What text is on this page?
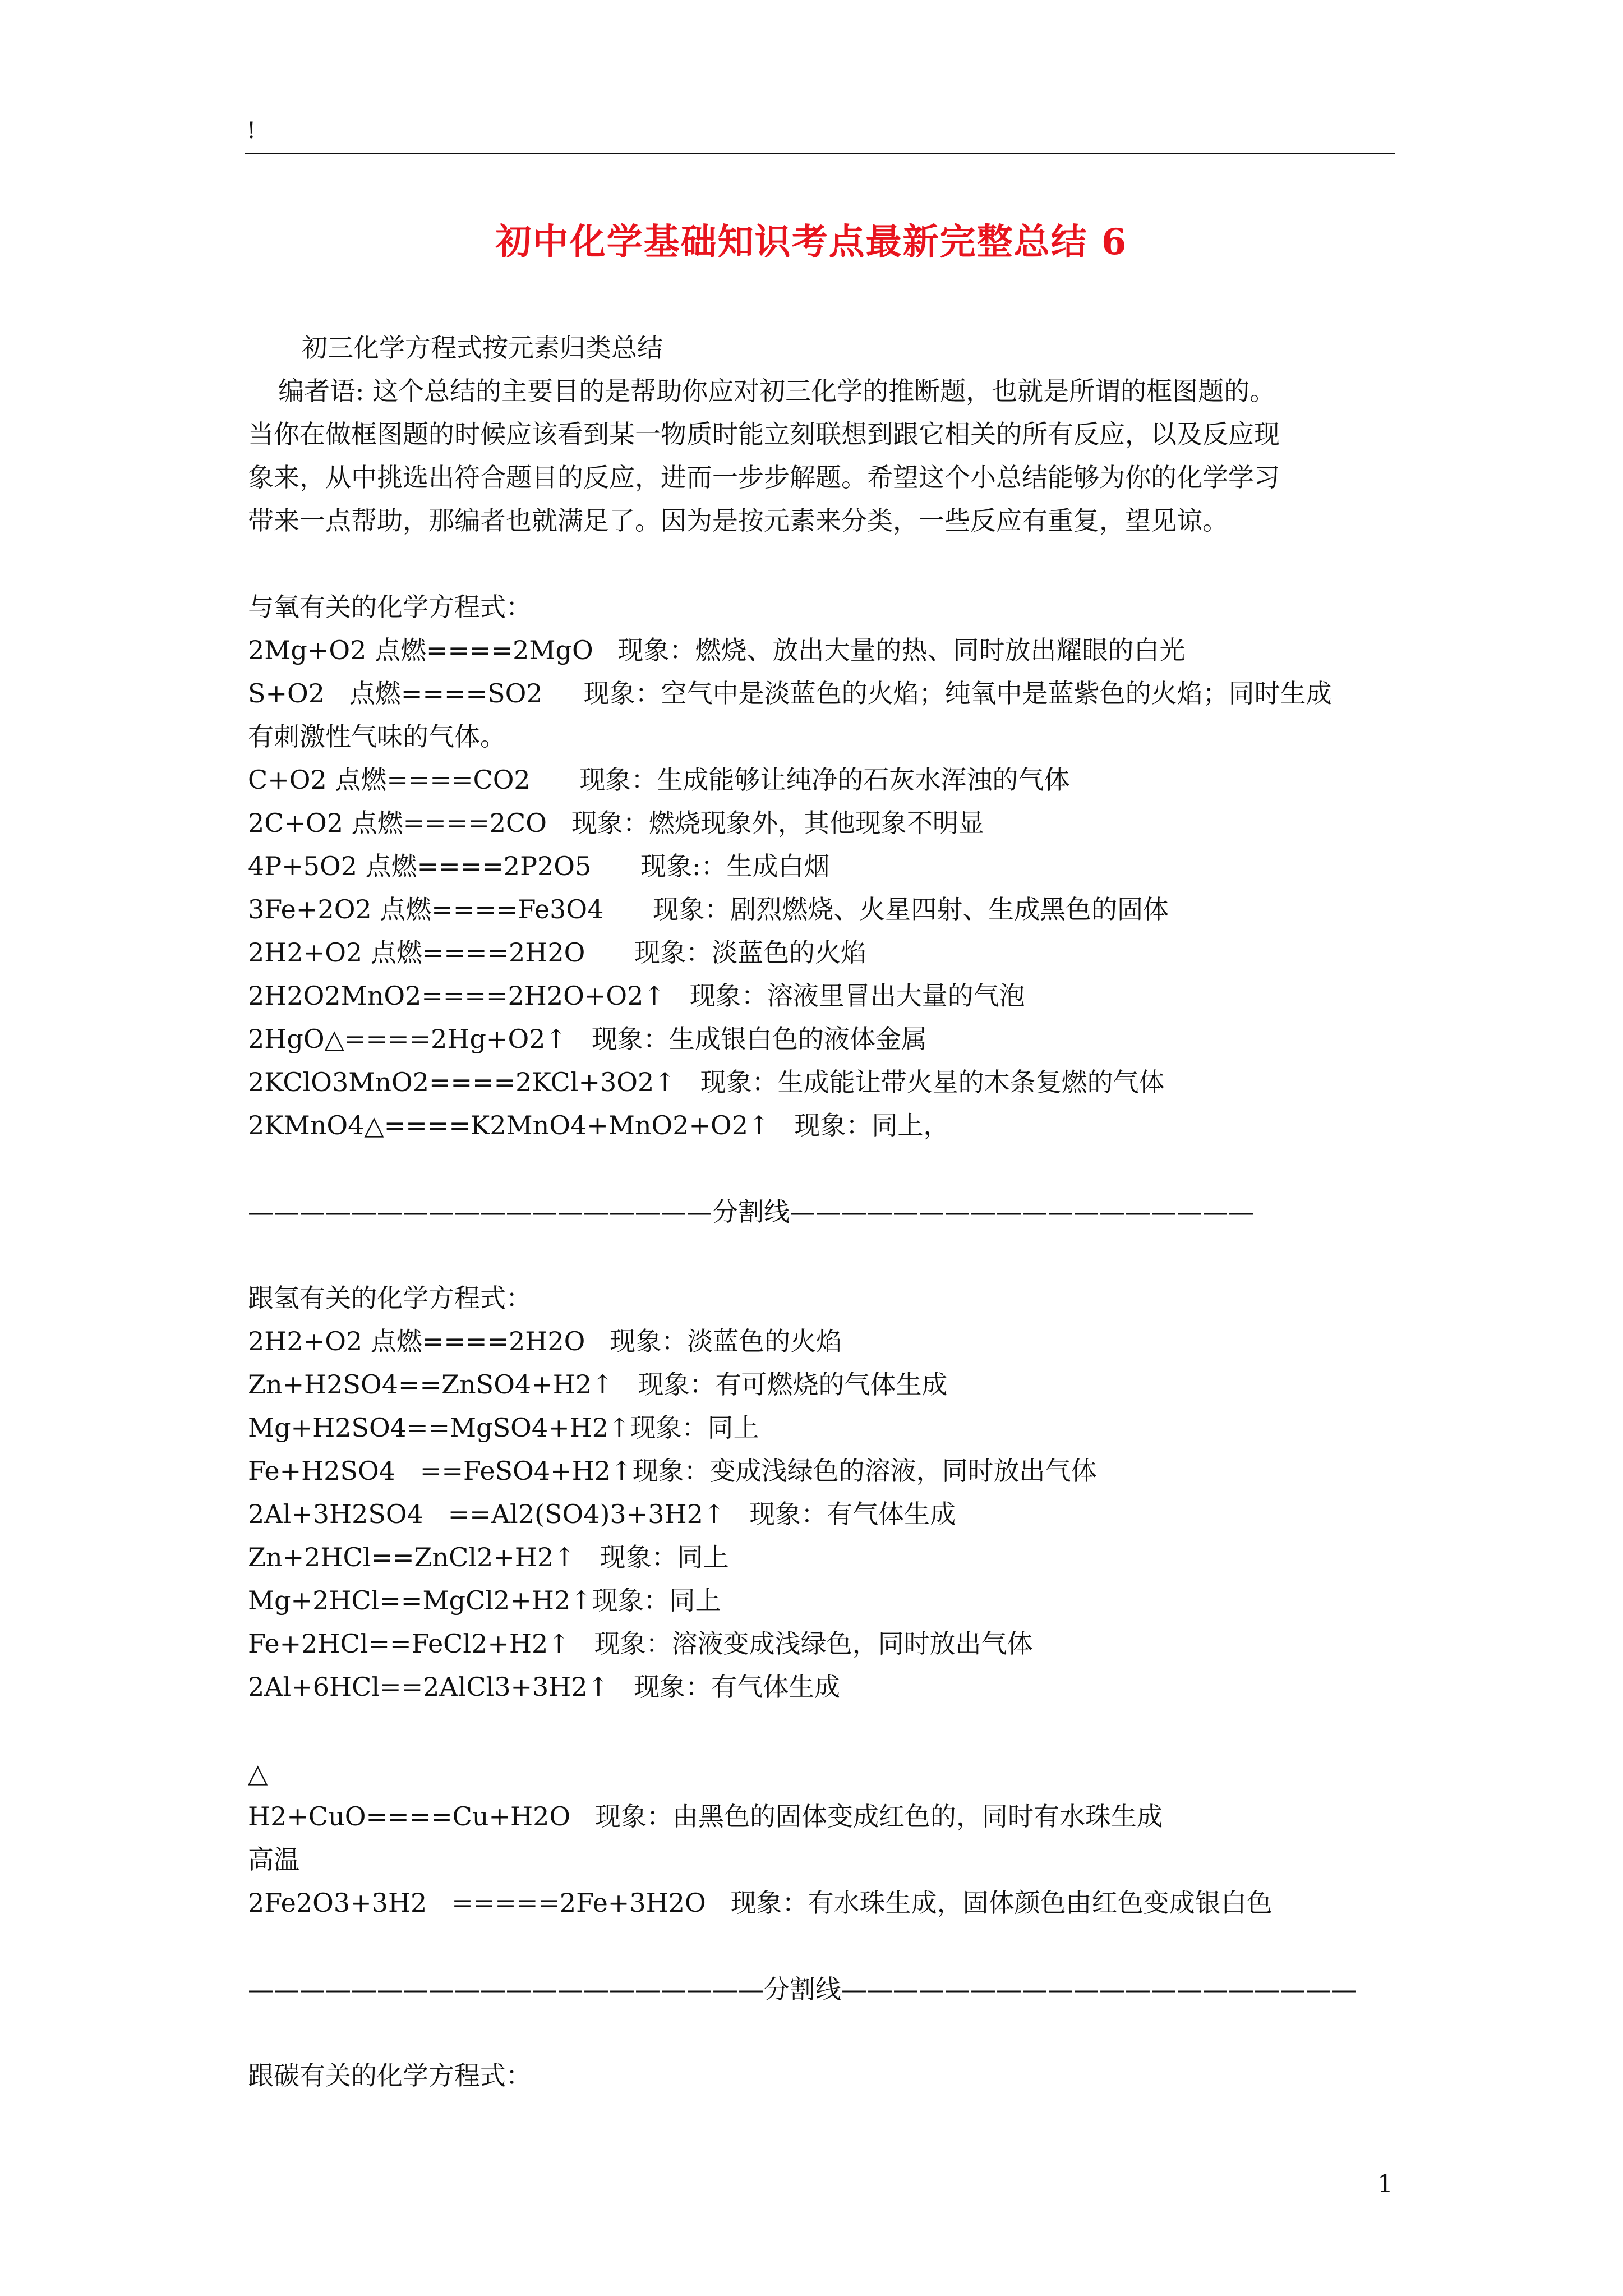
!
初中化学基础知识考点最新完整总结 6
初三化学方程式按元素归类总结
编者语: 这个总结的主要目的是帮助你应对初三化学的推断题，也就是所谓的框图题的。
当你在做框图题的时候应该看到某一物质时能立刻联想到跟它相关的所有反应，以及反应现
象来，从中挑选出符合题目的反应，进而一步步解题。希望这个小总结能够为你的化学学习
带来一点帮助，那编者也就满足了。因为是按元素来分类，一些反应有重复，望见谅。
与氧有关的化学方程式：
2Mg+O2 点燃====2MgO   现象：燃烧、放出大量的热、同时放出耀眼的白光
S+O2   点燃====SO2     现象：空气中是淡蓝色的火焰；纯氧中是蓝紫色的火焰；同时生成
有刺激性气味的气体。
C+O2 点燃====CO2      现象：生成能够让纯净的石灰水浑浊的气体
2C+O2 点燃====2CO   现象：燃烧现象外，其他现象不明显
4P+5O2 点燃====2P2O5      现象:：生成白烟
3Fe+2O2 点燃====Fe3O4      现象：剧烈燃烧、火星四射、生成黑色的固体
2H2+O2 点燃====2H2O      现象：淡蓝色的火焰
2H2O2MnO2====2H2O+O2↑   现象：溶液里冒出大量的气泡
2HgO△====2Hg+O2↑   现象：生成银白色的液体金属
2KClO3MnO2====2KCl+3O2↑   现象：生成能让带火星的木条复燃的气体
2KMnO4△====K2MnO4+MnO2+O2↑   现象：同上，
——————————————————分割线——————————————————
跟氢有关的化学方程式：
2H2+O2 点燃====2H2O   现象：淡蓝色的火焰
Zn+H2SO4==ZnSO4+H2↑   现象：有可燃烧的气体生成
Mg+H2SO4==MgSO4+H2↑现象：同上
Fe+H2SO4   ==FeSO4+H2↑现象：变成浅绿色的溶液，同时放出气体
2Al+3H2SO4   ==Al2(SO4)3+3H2↑   现象：有气体生成
Zn+2HCl==ZnCl2+H2↑   现象：同上
Mg+2HCl==MgCl2+H2↑现象：同上
Fe+2HCl==FeCl2+H2↑   现象：溶液变成浅绿色，同时放出气体
2Al+6HCl==2AlCl3+3H2↑   现象：有气体生成
△
H2+CuO====Cu+H2O   现象：由黑色的固体变成红色的，同时有水珠生成
高温
2Fe2O3+3H2   =====2Fe+3H2O   现象：有水珠生成，固体颜色由红色变成银白色
————————————————————分割线————————————————————
跟碳有关的化学方程式：
1
